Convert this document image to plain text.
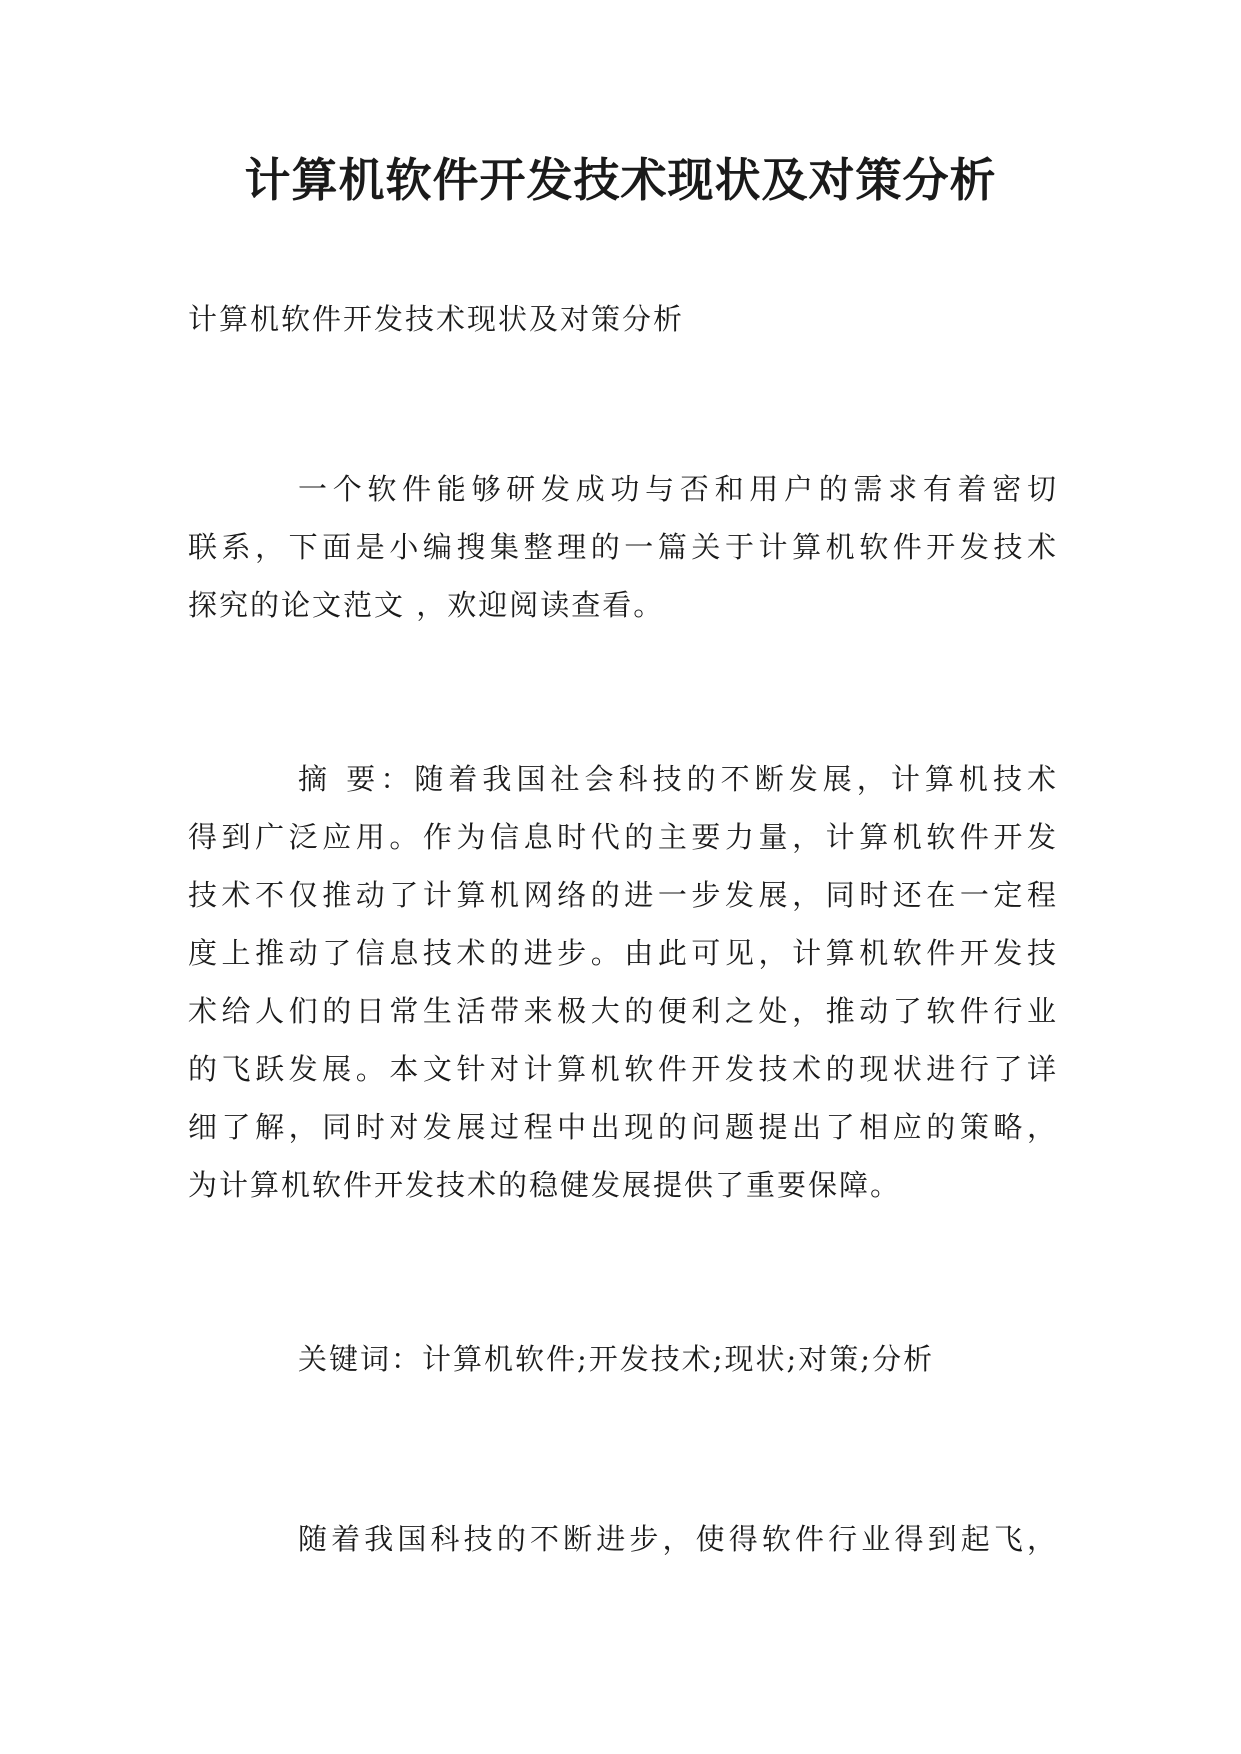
计算机软件开发技术现状及对策分析
计算机软件开发技术现状及对策分析
一个软件能够研发成功与否和用户的需求有着密切
联系，下面是小编搜集整理的一篇关于计算机软件开发技术
探究的论文范文 ，欢迎阅读查看。
摘 要：随着我国社会科技的不断发展，计算机技术
得到广泛应用。作为信息时代的主要力量，计算机软件开发
技术不仅推动了计算机网络的进一步发展，同时还在一定程
度上推动了信息技术的进步。由此可见，计算机软件开发技
术给人们的日常生活带来极大的便利之处，推动了软件行业
的飞跃发展。本文针对计算机软件开发技术的现状进行了详
细了解，同时对发展过程中出现的问题提出了相应的策略，
为计算机软件开发技术的稳健发展提供了重要保障。
关键词：计算机软件;开发技术;现状;对策;分析
随着我国科技的不断进步，使得软件行业得到起飞，
